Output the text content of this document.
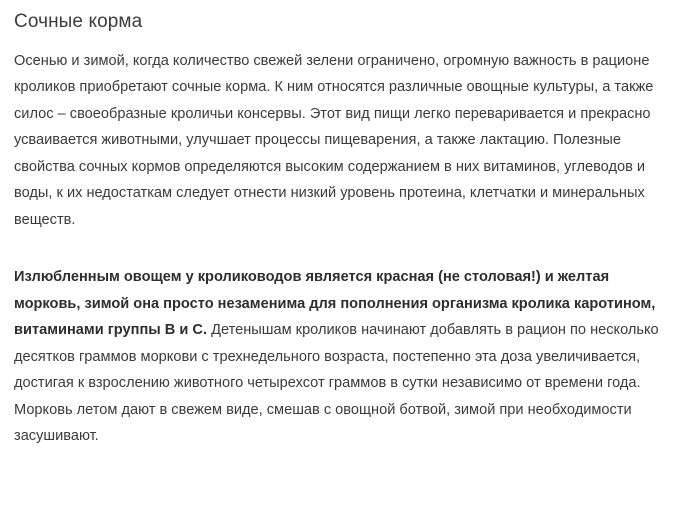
Сочные корма

Осенью и зимой, когда количество свежей зелени ограничено, огромную важность в рационе кроликов приобретают сочные корма. К ним относятся различные овощные культуры, а также силос – своеобразные кроличьи консервы. Этот вид пищи легко переваривается и прекрасно усваивается животными, улучшает процессы пищеварения, а также лактацию. Полезные свойства сочных кормов определяются высоким содержанием в них витаминов, углеводов и воды, к их недостаткам следует отнести низкий уровень протеина, клетчатки и минеральных веществ.

Излюбленным овощем у кролиководов является красная (не столовая!) и желтая морковь, зимой она просто незаменима для пополнения организма кролика каротином, витаминами группы В и С. Детенышам кроликов начинают добавлять в рацион по несколько десятков граммов моркови с трехнедельного возраста, постепенно эта доза увеличивается, достигая к взрослению животного четырехсот граммов в сутки независимо от времени года. Морковь летом дают в свежем виде, смешав с овощной ботвой, зимой при необходимости засушивают.
